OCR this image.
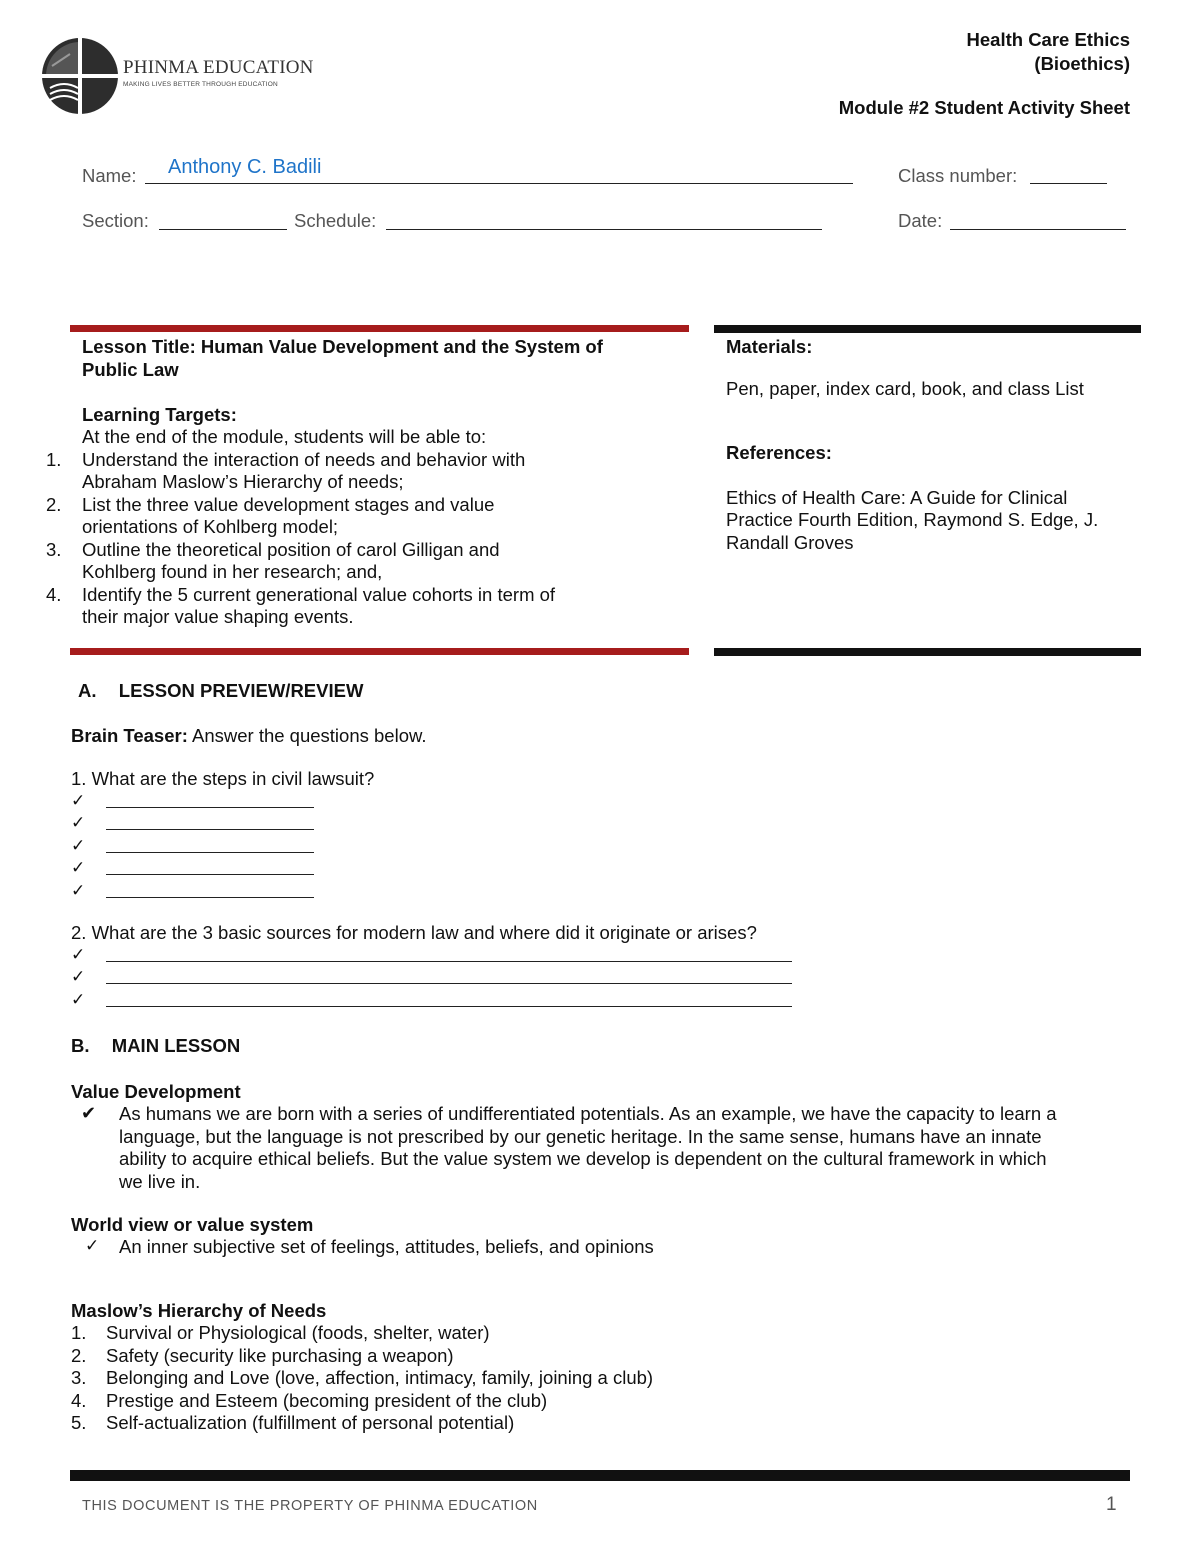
PHINMA EDUCATION
MAKING LIVES BETTER THROUGH EDUCATION
Health Care Ethics
(Bioethics)
Module #2 Student Activity Sheet
Name: Anthony C. Badili	Class number:
Section:	Schedule:	Date:
Lesson Title: Human Value Development and the System of
Public Law
Learning Targets:
At the end of the module, students will be able to:
1. Understand the interaction of needs and behavior with
Abraham Maslow’s Hierarchy of needs;
2. List the three value development stages and value
orientations of Kohlberg model;
3. Outline the theoretical position of carol Gilligan and
Kohlberg found in her research; and,
4. Identify the 5 current generational value cohorts in term of
their major value shaping events.
Materials:
Pen, paper, index card, book, and class List
References:
Ethics of Health Care: A Guide for Clinical
Practice Fourth Edition, Raymond S. Edge, J.
Randall Groves
A. LESSON PREVIEW/REVIEW
Brain Teaser: Answer the questions below.
1. What are the steps in civil lawsuit?
✓
✓
✓
✓
✓
2. What are the 3 basic sources for modern law and where did it originate or arises?
✓
✓
✓
B. MAIN LESSON
Value Development
✔ As humans we are born with a series of undifferentiated potentials. As an example, we have the capacity to learn a
language, but the language is not prescribed by our genetic heritage. In the same sense, humans have an innate
ability to acquire ethical beliefs. But the value system we develop is dependent on the cultural framework in which
we live in.
World view or value system
✓ An inner subjective set of feelings, attitudes, beliefs, and opinions
Maslow’s Hierarchy of Needs
1. Survival or Physiological (foods, shelter, water)
2. Safety (security like purchasing a weapon)
3. Belonging and Love (love, affection, intimacy, family, joining a club)
4. Prestige and Esteem (becoming president of the club)
5. Self-actualization (fulfillment of personal potential)
THIS DOCUMENT IS THE PROPERTY OF PHINMA EDUCATION	1
